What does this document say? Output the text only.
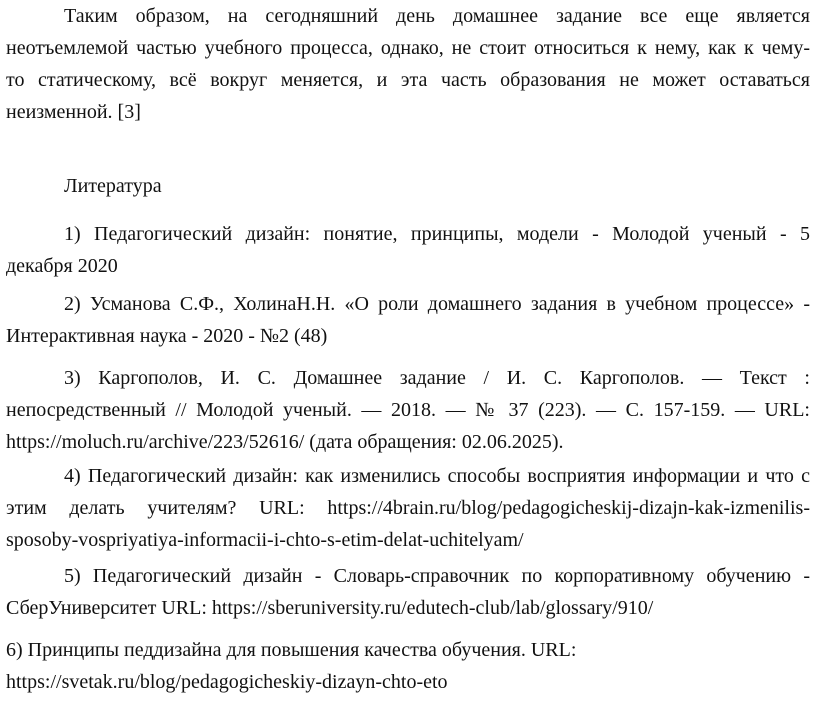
Таким образом, на сегодняшний день домашнее задание все еще является
неотъемлемой частью учебного процесса, однако, не стоит относиться к нему, как к чему-
то статическому, всё вокруг меняется, и эта часть образования не может оставаться
неизменной. [3]
Литература
1) Педагогический дизайн: понятие, принципы, модели - Молодой ученый - 5
декабря 2020
2) Усманова С.Ф., ХолинаН.Н. «О роли домашнего задания в учебном процессе» -
Интерактивная наука - 2020 - №2 (48)
3) Каргополов, И. С. Домашнее задание / И. С. Каргополов. — Текст :
непосредственный // Молодой ученый. — 2018. — № 37 (223). — С. 157-159. — URL:
https://moluch.ru/archive/223/52616/ (дата обращения: 02.06.2025).
4) Педагогический дизайн: как изменились способы восприятия информации и что с
этим делать учителям? URL: https://4brain.ru/blog/pedagogicheskij-dizajn-kak-izmenilis-
sposoby-vospriyatiya-informacii-i-chto-s-etim-delat-uchitelyam/
5) Педагогический дизайн - Словарь-справочник по корпоративному обучению -
СберУниверситет URL: https://sberuniversity.ru/edutech-club/lab/glossary/910/
6) Принципы педдизайна для повышения качества обучения. URL:
https://svetak.ru/blog/pedagogicheskiy-dizayn-chto-eto
